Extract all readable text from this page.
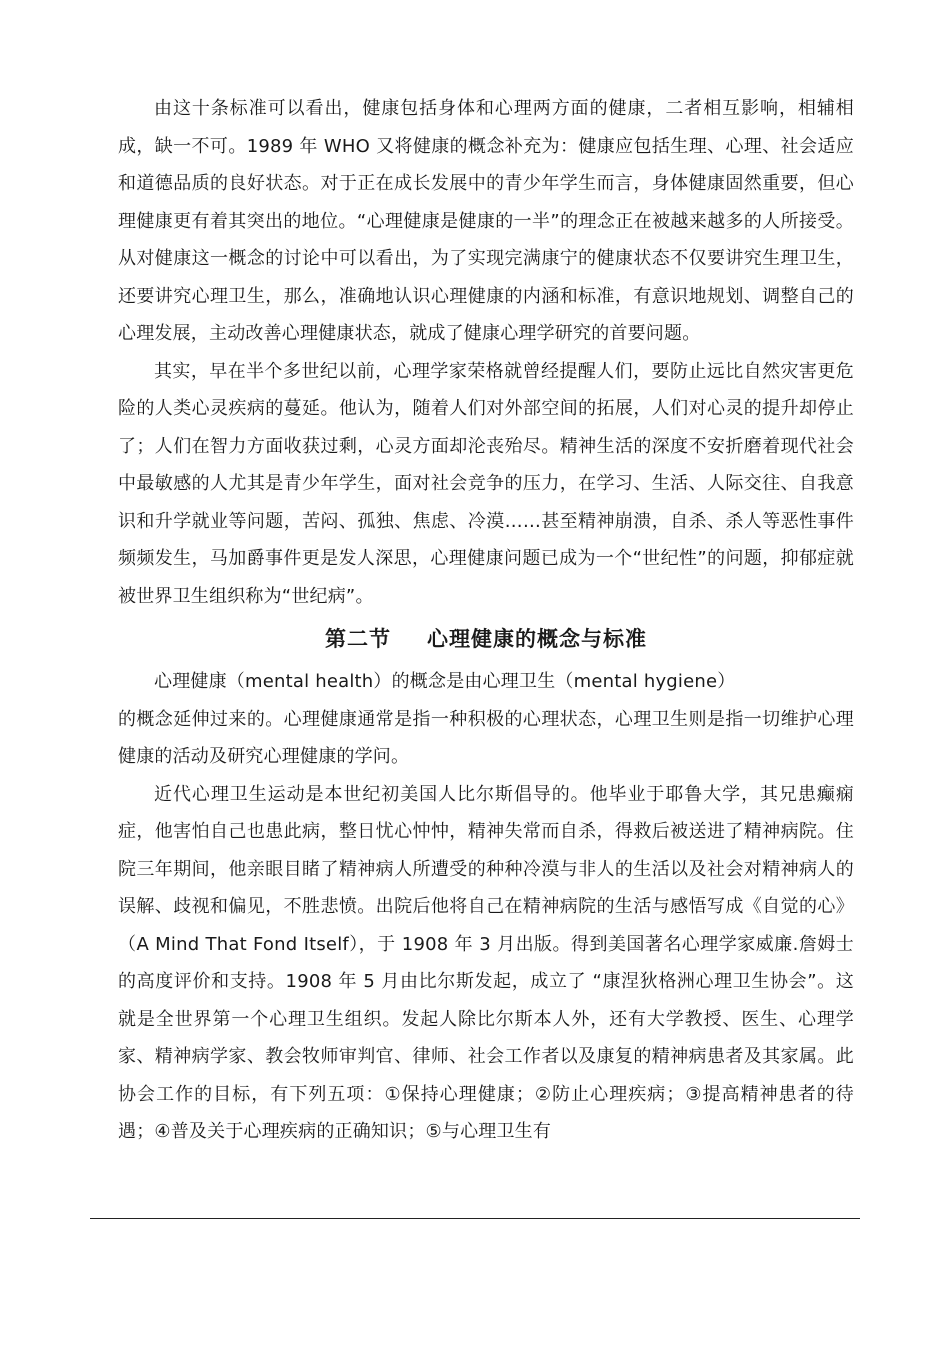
由这十条标准可以看出，健康包括身体和心理两方面的健康，二者相互影响，相辅相成，缺一不可。1989 年 WHO 又将健康的概念补充为：健康应包括生理、心理、社会适应和道德品质的良好状态。对于正在成长发展中的青少年学生而言，身体健康固然重要，但心理健康更有着其突出的地位。“心理健康是健康的一半”的理念正在被越来越多的人所接受。从对健康这一概念的讨论中可以看出，为了实现完满康宁的健康状态不仅要讲究生理卫生，还要讲究心理卫生，那么，准确地认识心理健康的内涵和标准，有意识地规划、调整自己的心理发展，主动改善心理健康状态，就成了健康心理学研究的首要问题。

其实，早在半个多世纪以前，心理学家荣格就曾经提醒人们，要防止远比自然灾害更危险的人类心灵疾病的蔓延。他认为，随着人们对外部空间的拓展，人们对心灵的提升却停止了；人们在智力方面收获过剩，心灵方面却沦丧殆尽。精神生活的深度不安折磨着现代社会中最敏感的人尤其是青少年学生，面对社会竞争的压力，在学习、生活、人际交往、自我意识和升学就业等问题，苦闷、孤独、焦虑、冷漠……甚至精神崩溃，自杀、杀人等恶性事件频频发生，马加爵事件更是发人深思，心理健康问题已成为一个“世纪性”的问题，抑郁症就被世界卫生组织称为“世纪病”。

第二节 心理健康的概念与标准

心理健康（mental health）的概念是由心理卫生（mental hygiene）

的概念延伸过来的。心理健康通常是指一种积极的心理状态，心理卫生则是指一切维护心理健康的活动及研究心理健康的学问。

近代心理卫生运动是本世纪初美国人比尔斯倡导的。他毕业于耶鲁大学，其兄患癫痫症，他害怕自己也患此病，整日忧心忡忡，精神失常而自杀，得救后被送进了精神病院。住院三年期间，他亲眼目睹了精神病人所遭受的种种冷漠与非人的生活以及社会对精神病人的误解、歧视和偏见，不胜悲愤。出院后他将自己在精神病院的生活与感悟写成《自觉的心》（A Mind That Fond Itself），于 1908 年 3 月出版。得到美国著名心理学家威廉.詹姆士的高度评价和支持。1908 年 5 月由比尔斯发起，成立了 “康涅狄格洲心理卫生协会”。这就是全世界第一个心理卫生组织。发起人除比尔斯本人外，还有大学教授、医生、心理学家、精神病学家、教会牧师审判官、律师、社会工作者以及康复的精神病患者及其家属。此协会工作的目标，有下列五项：①保持心理健康；②防止心理疾病；③提高精神患者的待遇；④普及关于心理疾病的正确知识；⑤与心理卫生有
